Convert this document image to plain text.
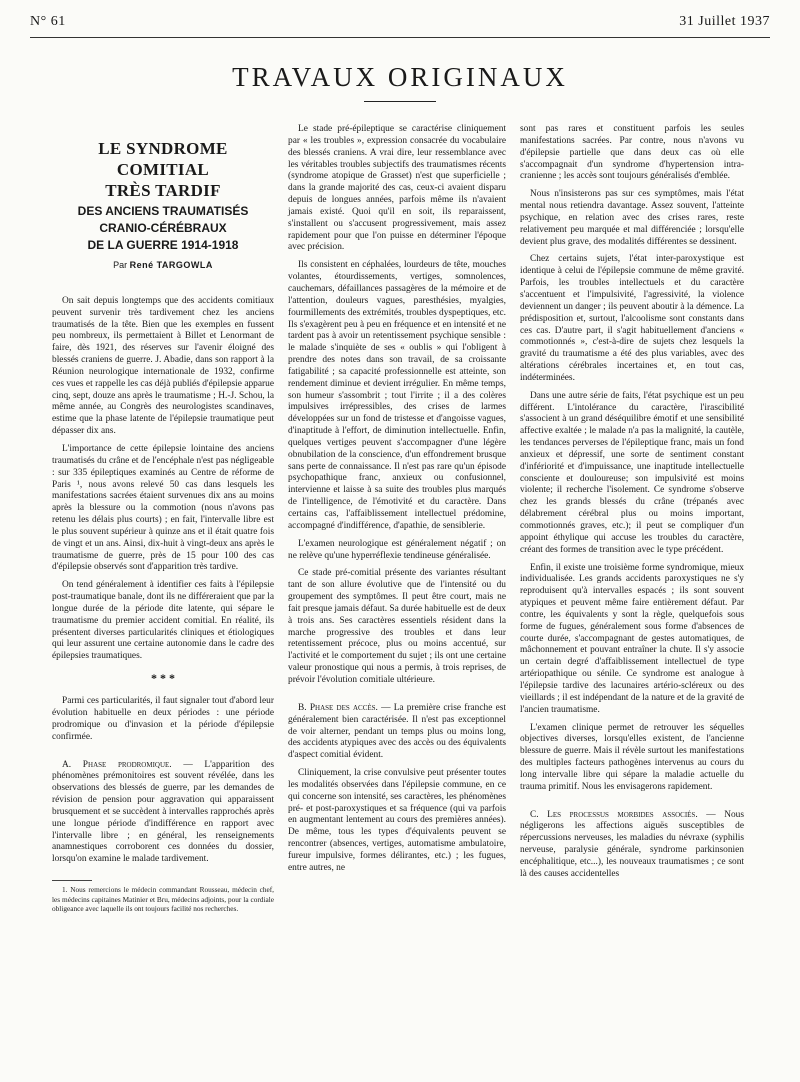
N° 61	31 Juillet 1937
TRAVAUX ORIGINAUX
LE SYNDROME COMITIAL
TRÈS TARDIF
DES ANCIENS TRAUMATISÉS
CRANIO-CÉRÉBRAUX
DE LA GUERRE 1914-1918
Par René TARGOWLA

On sait depuis longtemps que des accidents comitiaux peuvent survenir très tardivement chez les anciens traumatisés de la tête. Bien que les exemples en fussent peu nombreux, ils permettaient à Billet et Lenormant de faire, dès 1921, des réserves sur l'avenir éloigné des blessés craniens de guerre. J. Abadie, dans son rapport à la Réunion neurologique internationale de 1932, confirme ces vues et rappelle les cas déjà publiés d'épilepsie apparue cinq, sept, douze ans après le traumatisme ; H.-J. Schou, la même année, au Congrès des neurologistes scandinaves, estime que la phase latente de l'épilepsie traumatique peut dépasser dix ans.

L'importance de cette épilepsie lointaine des anciens traumatisés du crâne et de l'encéphale n'est pas négligeable : sur 335 épileptiques examinés au Centre de réforme de Paris ¹, nous avons relevé 50 cas dans lesquels les manifestations sacrées étaient survenues dix ans au moins après la blessure ou la commotion (nous n'avons pas retenu les délais plus courts) ; en fait, l'intervalle libre est le plus souvent supérieur à quinze ans et il était quatre fois de vingt et un ans. Ainsi, dix-huit à vingt-deux ans après le traumatisme de guerre, près de 15 pour 100 des cas d'épilepsie observés sont d'apparition très tardive.

On tend généralement à identifier ces faits à l'épilepsie post-traumatique banale, dont ils ne différeraient que par la longue durée de la période dite latente, qui sépare le traumatisme du premier accident comitial. En réalité, ils présentent diverses particularités cliniques et étiologiques qui leur assurent une certaine autonomie dans le cadre des épilepsies traumatiques.

* * *

Parmi ces particularités, il faut signaler tout d'abord leur évolution habituelle en deux périodes : une période prodromique ou d'invasion et la période d'épilepsie confirmée.

A. Phase prodromique. — L'apparition des phénomènes prémonitoires est souvent révélée, dans les observations des blessés de guerre, par les demandes de révision de pension pour aggravation qui apparaissent brusquement et se succèdent à intervalles rapprochés après une longue période d'indifférence en rapport avec l'intervalle libre ; en général, les renseignements anamnestiques corroborent ces données du dossier, lorsqu'on examine le malade tardivement.

1. Nous remercions le médecin commandant Rousseau, médecin chef, les médecins capitaines Matinier et Bru, médecins adjoints, pour la cordiale obligeance avec laquelle ils ont toujours facilité nos recherches.

Le stade pré-épileptique se caractérise cliniquement par « les troubles », expression consacrée du vocabulaire des blessés craniens. A vrai dire, leur ressemblance avec les véritables troubles subjectifs des traumatismes récents (syndrome atopique de Grasset) n'est que superficielle ; dans la grande majorité des cas, ceux-ci avaient disparu depuis de longues années, parfois même ils n'avaient jamais existé. Quoi qu'il en soit, ils reparaissent, s'installent ou s'accusent progressivement, mais assez rapidement pour que l'on puisse en déterminer l'époque avec précision.

Ils consistent en céphalées, lourdeurs de tête, mouches volantes, étourdissements, vertiges, somnolences, cauchemars, défaillances passagères de la mémoire et de l'attention, douleurs vagues, paresthésies, myalgies, fourmillements des extrémités, troubles dyspeptiques, etc. Ils s'exagèrent peu à peu en fréquence et en intensité et ne tardent pas à avoir un retentissement psychique sensible : le malade s'inquiète de ses « oublis » qui l'obligent à prendre des notes dans son travail, de sa croissante fatigabilité ; sa capacité professionnelle est atteinte, son rendement diminue et devient irrégulier. En même temps, son humeur s'assombrit ; tout l'irrite ; il a des colères impulsives irrépressibles, des crises de larmes développées sur un fond de tristesse et d'angoisse vagues, d'inaptitude à l'effort, de diminution intellectuelle. Enfin, quelques vertiges peuvent s'accompagner d'une légère obnubilation de la conscience, d'un effondrement brusque sans perte de connaissance. Il n'est pas rare qu'un épisode psychopathique franc, anxieux ou confusionnel, intervienne et laisse à sa suite des troubles plus marqués de l'intelligence, de l'émotivité et du caractère. Dans certains cas, l'affaiblissement intellectuel prédomine, accompagné d'indifférence, d'apathie, de sensiblerie.

L'examen neurologique est généralement négatif ; on ne relève qu'une hyperréflexie tendineuse généralisée.

Ce stade pré-comitial présente des variantes résultant tant de son allure évolutive que de l'intensité ou du groupement des symptômes. Il peut être court, mais ne fait presque jamais défaut. Sa durée habituelle est de deux à trois ans. Ses caractères essentiels résident dans la marche progressive des troubles et dans leur retentissement précoce, plus ou moins accentué, sur l'activité et le comportement du sujet ; ils ont une certaine valeur pronostique qui nous a permis, à trois reprises, de prévoir l'évolution comitiale ultérieure.

B. Phase des accès. — La première crise franche est généralement bien caractérisée. Il n'est pas exceptionnel de voir alterner, pendant un temps plus ou moins long, des accidents atypiques avec des accès ou des équivalents d'aspect comitial évident.

Cliniquement, la crise convulsive peut présenter toutes les modalités observées dans l'épilepsie commune, en ce qui concerne son intensité, ses caractères, les phénomènes pré- et post-paroxystiques et sa fréquence (qui va parfois en augmentant lentement au cours des premières années). De même, tous les types d'équivalents peuvent se rencontrer (absences, vertiges, automatisme ambulatoire, fureur impulsive, formes délirantes, etc.) ; les fugues, entre autres, ne

sont pas rares et constituent parfois les seules manifestations sacrées. Par contre, nous n'avons vu d'épilepsie partielle que dans deux cas où elle s'accompagnait d'un syndrome d'hypertension intra-cranienne ; les accès sont toujours généralisés d'emblée.

Nous n'insisterons pas sur ces symptômes, mais l'état mental nous retiendra davantage. Assez souvent, l'atteinte psychique, en relation avec des crises rares, reste relativement peu marquée et mal différenciée ; lorsqu'elle devient plus grave, des modalités différentes se dessinent.

Chez certains sujets, l'état inter-paroxystique est identique à celui de l'épilepsie commune de même gravité. Parfois, les troubles intellectuels et du caractère s'accentuent et l'impulsivité, l'agressivité, la violence deviennent un danger ; ils peuvent aboutir à la démence. La prédisposition et, surtout, l'alcoolisme sont constants dans ces cas. D'autre part, il s'agit habituellement d'anciens « commotionnés », c'est-à-dire de sujets chez lesquels la gravité du traumatisme a été des plus variables, avec des altérations cérébrales incertaines et, en tout cas, indéterminées.

Dans une autre série de faits, l'état psychique est un peu différent. L'intolérance du caractère, l'irascibilité s'associent à un grand déséquilibre émotif et une sensibilité affective exaltée ; le malade n'a pas la malignité, la cautèle, les tendances perverses de l'épileptique franc, mais un fond anxieux et dépressif, une sorte de sentiment constant d'infériorité et d'impuissance, une inaptitude intellectuelle consciente et douloureuse; son impulsivité est moins violente; il recherche l'isolement. Ce syndrome s'observe chez les grands blessés du crâne (trépanés avec délabrement cérébral plus ou moins important, commotionnés graves, etc.); il peut se compliquer d'un appoint éthylique qui accuse les troubles du caractère, créant des formes de transition avec le type précédent.

Enfin, il existe une troisième forme syndromique, mieux individualisée. Les grands accidents paroxystiques ne s'y reproduisent qu'à intervalles espacés ; ils sont souvent atypiques et peuvent même faire entièrement défaut. Par contre, les équivalents y sont la règle, quelquefois sous forme de fugues, généralement sous forme d'absences de courte durée, s'accompagnant de gestes automatiques, de mâchonnement et pouvant entraîner la chute. Il s'y associe un certain degré d'affaiblissement intellectuel de type artériopathique ou sénile. Ce syndrome est analogue à l'épilepsie tardive des lacunaires artério-scléreux ou des vieillards ; il est indépendant de la nature et de la gravité de l'ancien traumatisme.

L'examen clinique permet de retrouver les séquelles objectives diverses, lorsqu'elles existent, de l'ancienne blessure de guerre. Mais il révèle surtout les manifestations des multiples facteurs pathogènes intervenus au cours du long intervalle libre qui sépare la maladie actuelle du trauma primitif. Nous les envisagerons rapidement.

C. Les processus morbides associés. — Nous négligerons les affections aiguës susceptibles de répercussions nerveuses, les maladies du névraxe (syphilis nerveuse, paralysie générale, syndrome parkinsonien encéphalitique, etc...), les nouveaux traumatismes ; ce sont là des causes accidentelles
